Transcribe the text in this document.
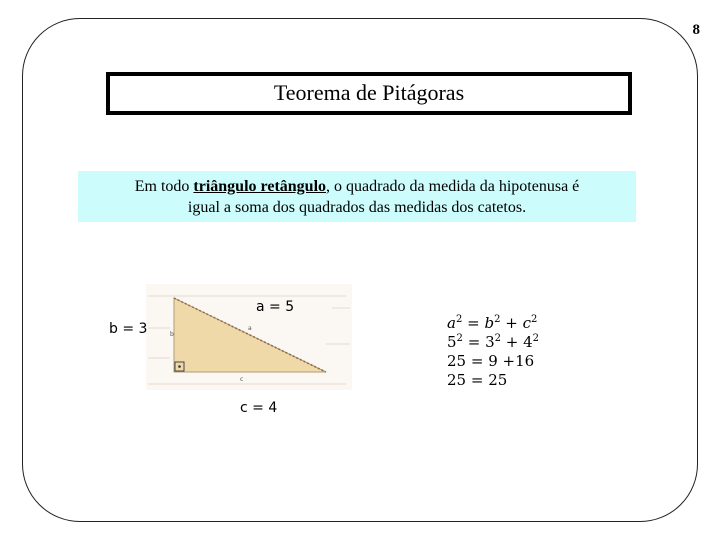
8
Teorema de Pitágoras
Em todo triângulo retângulo, o quadrado da medida da hipotenusa é
igual a soma dos quadrados das medidas dos catetos.
b
a
c
a = 5
b = 3
c = 4
$a^2 = b^2 + c^2$
$5^2 = 3^2 + 4^2$
25 = 9 +16
25 = 25
